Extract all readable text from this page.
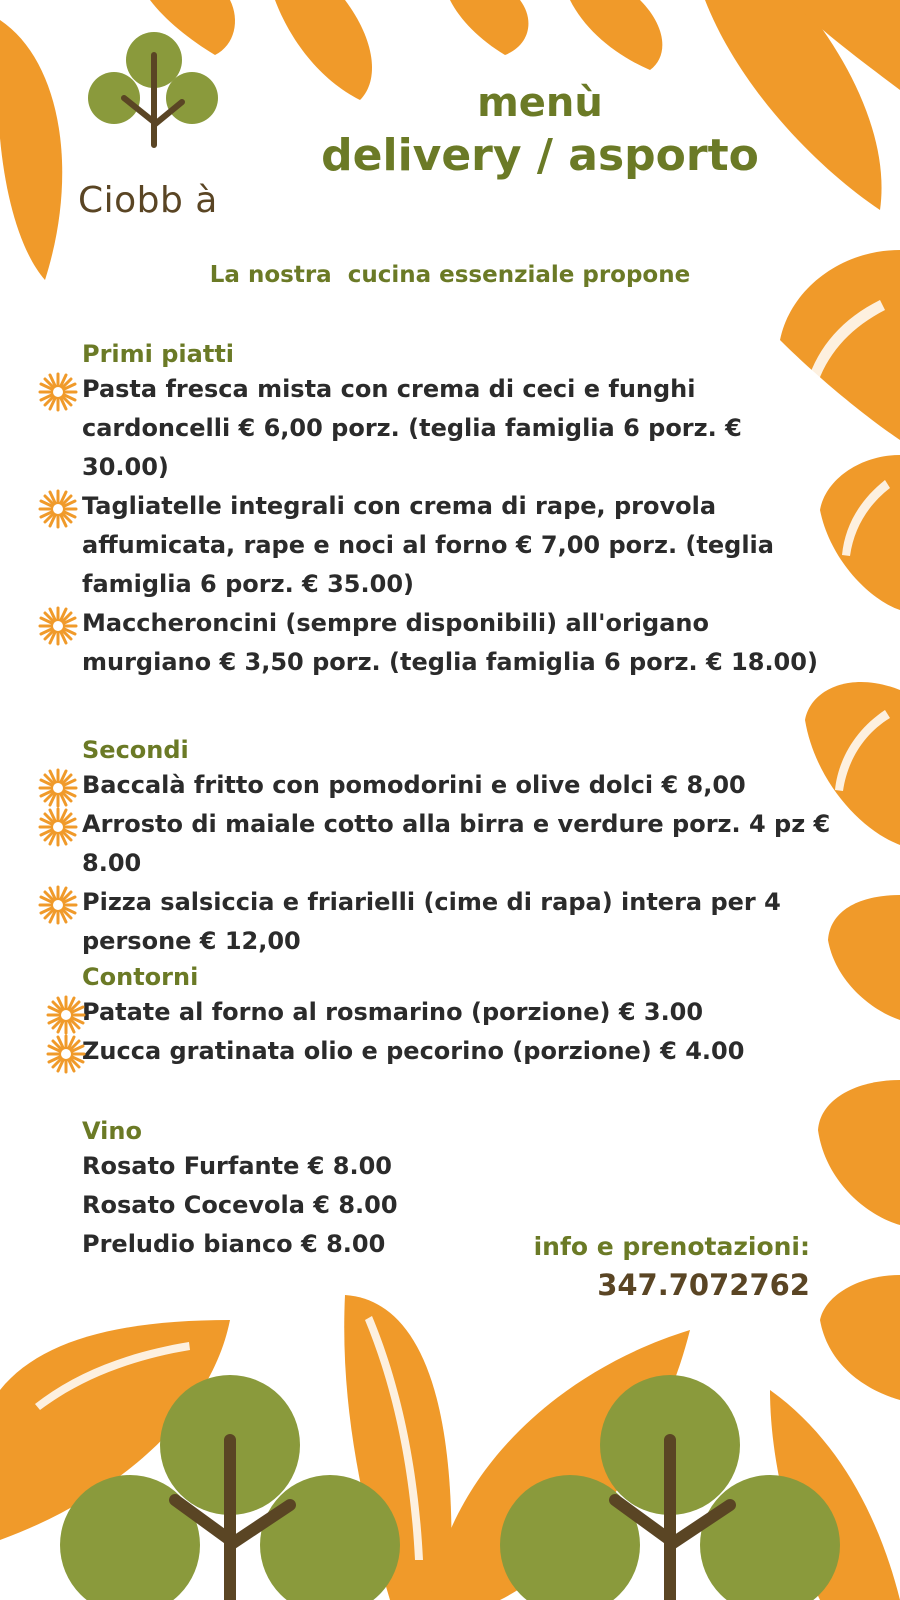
Ciobb à
menù
delivery / asporto
La nostra  cucina essenziale propone
Primi piatti
Pasta fresca mista con crema di ceci e funghi cardoncelli € 6,00 porz. (teglia famiglia 6 porz. € 30.00)
Tagliatelle integrali con crema di rape, provola affumicata, rape e noci al forno € 7,00 porz. (teglia famiglia 6 porz. € 35.00)
Maccheroncini (sempre disponibili) all'origano murgiano € 3,50 porz. (teglia famiglia 6 porz. € 18.00)
Secondi
Baccalà fritto con pomodorini e olive dolci € 8,00
Arrosto di maiale cotto alla birra e verdure porz. 4 pz € 8.00
Pizza salsiccia e friarielli (cime di rapa) intera per 4 persone € 12,00
Contorni
Patate al forno al rosmarino (porzione) € 3.00
Zucca gratinata olio e pecorino (porzione) € 4.00
Vino
Rosato Furfante € 8.00
Rosato Cocevola € 8.00
Preludio bianco € 8.00	info e prenotazioni:
347.7072762
